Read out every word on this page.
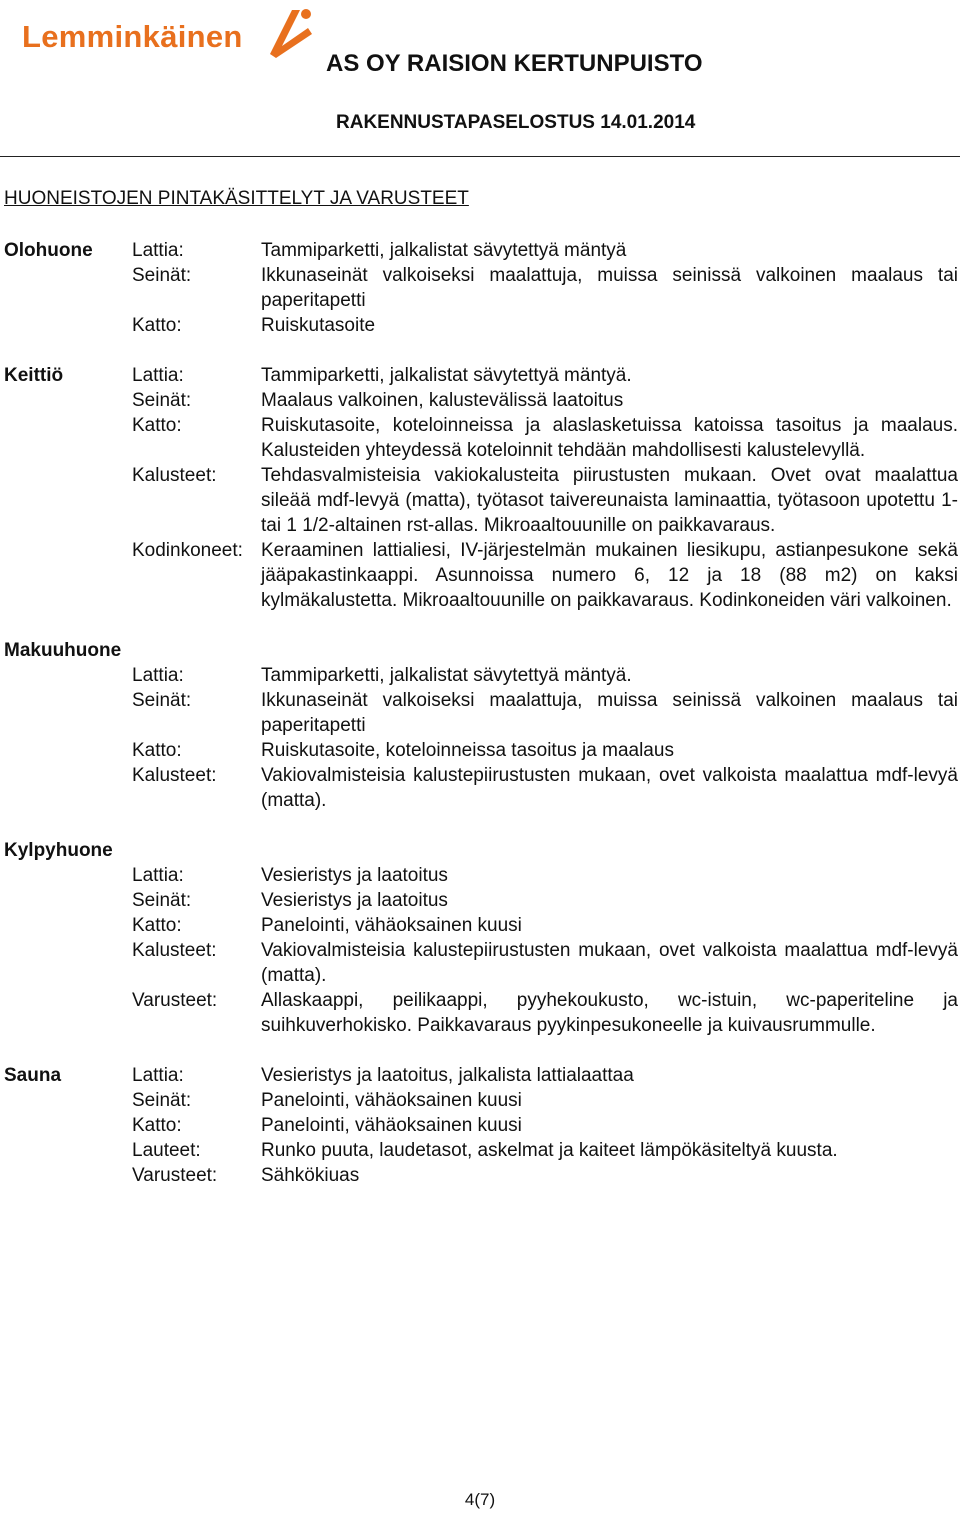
Lemminkäinen
AS OY RAISION KERTUNPUISTO
RAKENNUSTAPASELOSTUS 14.01.2014
HUONEISTOJEN PINTAKÄSITTELYT JA VARUSTEET
Olohuone Lattia:	Tammiparketti, jalkalistat sävytettyä mäntyä
Seinät:	Ikkunaseinät valkoiseksi maalattuja, muissa seinissä valkoinen maalaus tai paperitapetti
Katto:	Ruiskutasoite
Keittiö	Lattia:	Tammiparketti, jalkalistat sävytettyä mäntyä.
Seinät:	Maalaus valkoinen, kalustevälissä laatoitus
Katto:	Ruiskutasoite, koteloinneissa ja alaslasketuissa katoissa tasoitus ja maalaus. Kalusteiden yhteydessä koteloinnit tehdään mahdollisesti kalustelevyllä.
Kalusteet: Tehdasvalmisteisia vakiokalusteita piirustusten mukaan. Ovet ovat maalattua sileää mdf-levyä (matta), työtasot taivereunaista laminaattia, työtasoon upotettu 1- tai 1 1/2-altainen rst-allas. Mikroaaltouunille on paikkavaraus.
Kodinkoneet: Keraaminen lattialiesi, IV-järjestelmän mukainen liesikupu, astianpesukone sekä jääpakastinkaappi. Asunnoissa numero 6, 12 ja 18 (88 m2) on kaksi kylmäkalustetta. Mikroaaltouunille on paikkavaraus. Kodinkoneiden väri valkoinen.
Makuuhuone
Lattia:	Tammiparketti, jalkalistat sävytettyä mäntyä.
Seinät:	Ikkunaseinät valkoiseksi maalattuja, muissa seinissä valkoinen maalaus tai paperitapetti
Katto:	Ruiskutasoite, koteloinneissa tasoitus ja maalaus
Kalusteet: Vakiovalmisteisia kalustepiirustusten mukaan, ovet valkoista maalattua mdf-levyä (matta).
Kylpyhuone
Lattia:	Vesieristys ja laatoitus
Seinät:	Vesieristys ja laatoitus
Katto:	Panelointi, vähäoksainen kuusi
Kalusteet: Vakiovalmisteisia kalustepiirustusten mukaan, ovet valkoista maalattua mdf-levyä (matta).
Varusteet: Allaskaappi, peilikaappi, pyyhekoukusto, wc-istuin, wc-paperiteline ja suihkuverhokisko. Paikkavaraus pyykinpesukoneelle ja kuivausrummulle.
Sauna	Lattia:	Vesieristys ja laatoitus, jalkalista lattialaattaa
Seinät:	Panelointi, vähäoksainen kuusi
Katto:	Panelointi, vähäoksainen kuusi
Lauteet:	Runko puuta, laudetasot, askelmat ja kaiteet lämpökäsiteltyä kuusta.
Varusteet: Sähkökiuas
4(7)
